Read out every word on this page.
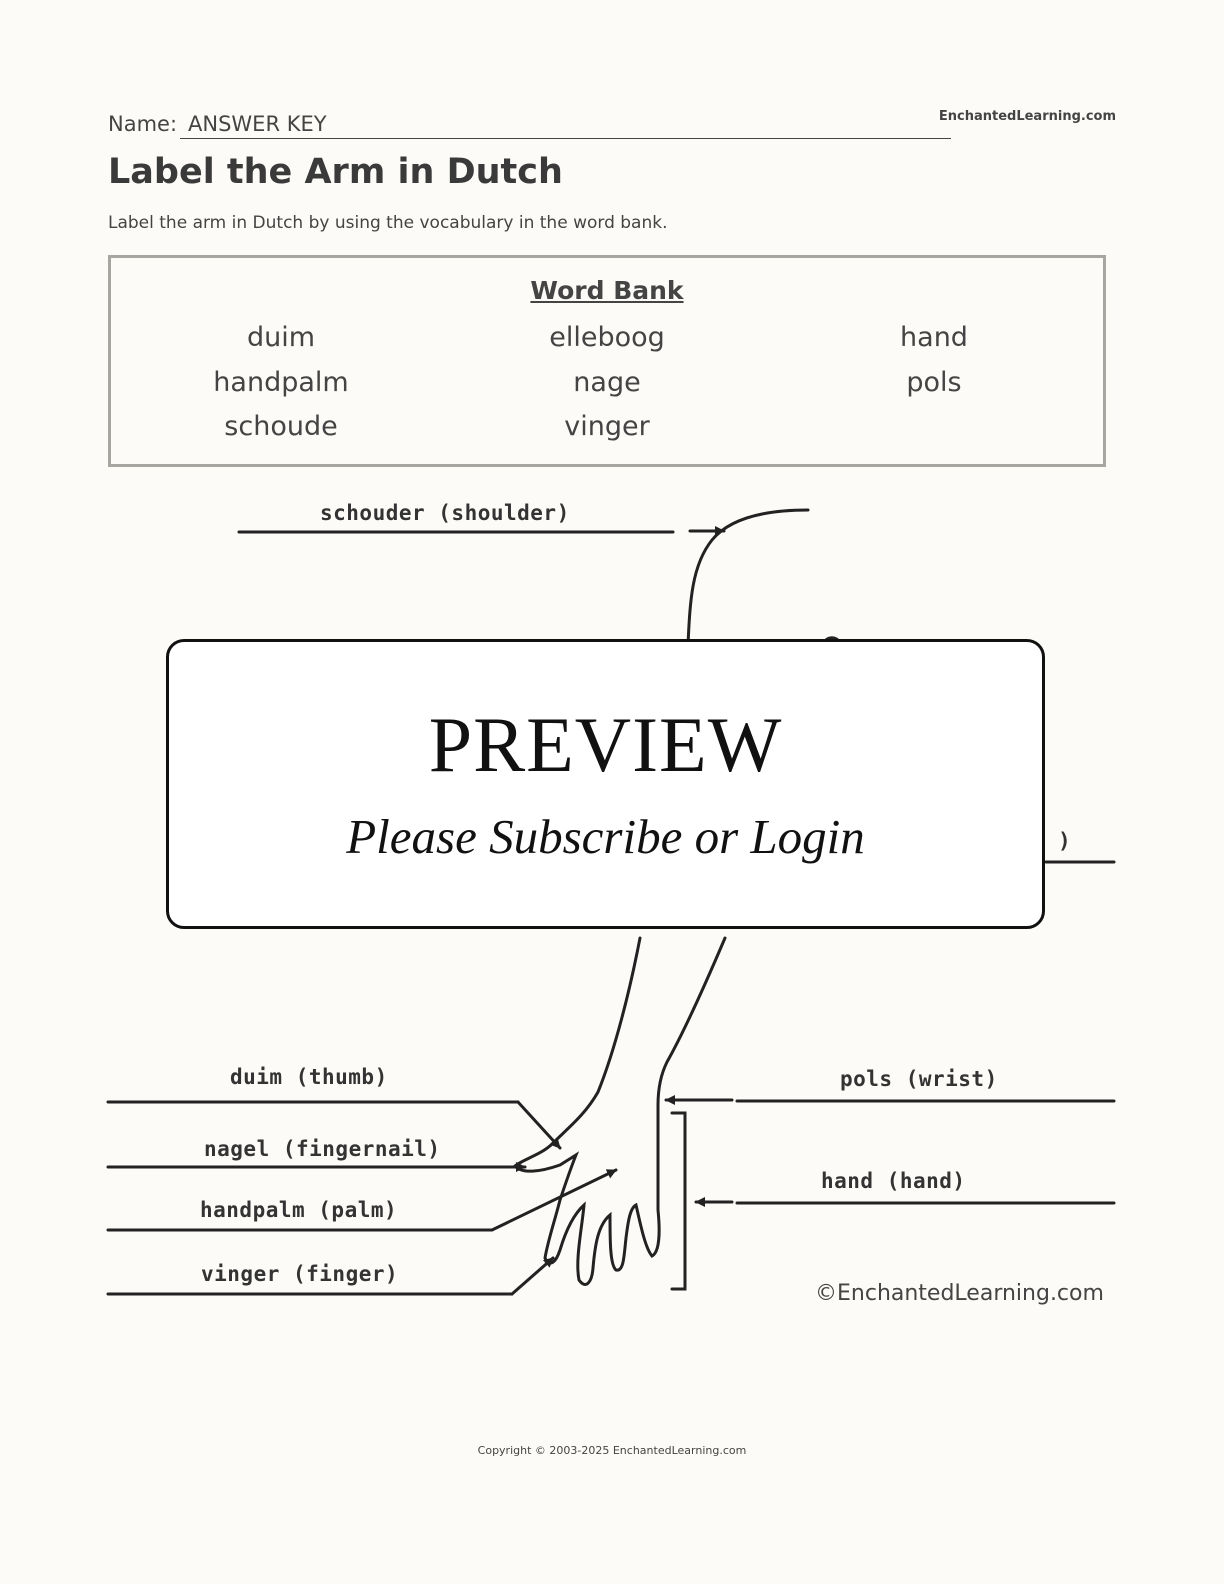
Name: ANSWER KEY	EnchantedLearning.com
Label the Arm in Dutch
Label the arm in Dutch by using the vocabulary in the word bank.
Word Bank
duim	elleboog	hand
handpalm	nage	pols
schoude	vinger
schouder (shoulder)
)
duim (thumb)
nagel (fingernail)
handpalm (palm)
vinger (finger)
pols (wrist)
hand (hand)
©EnchantedLearning.com
PREVIEW
Please Subscribe or Login
Copyright © 2003-2025 EnchantedLearning.com
